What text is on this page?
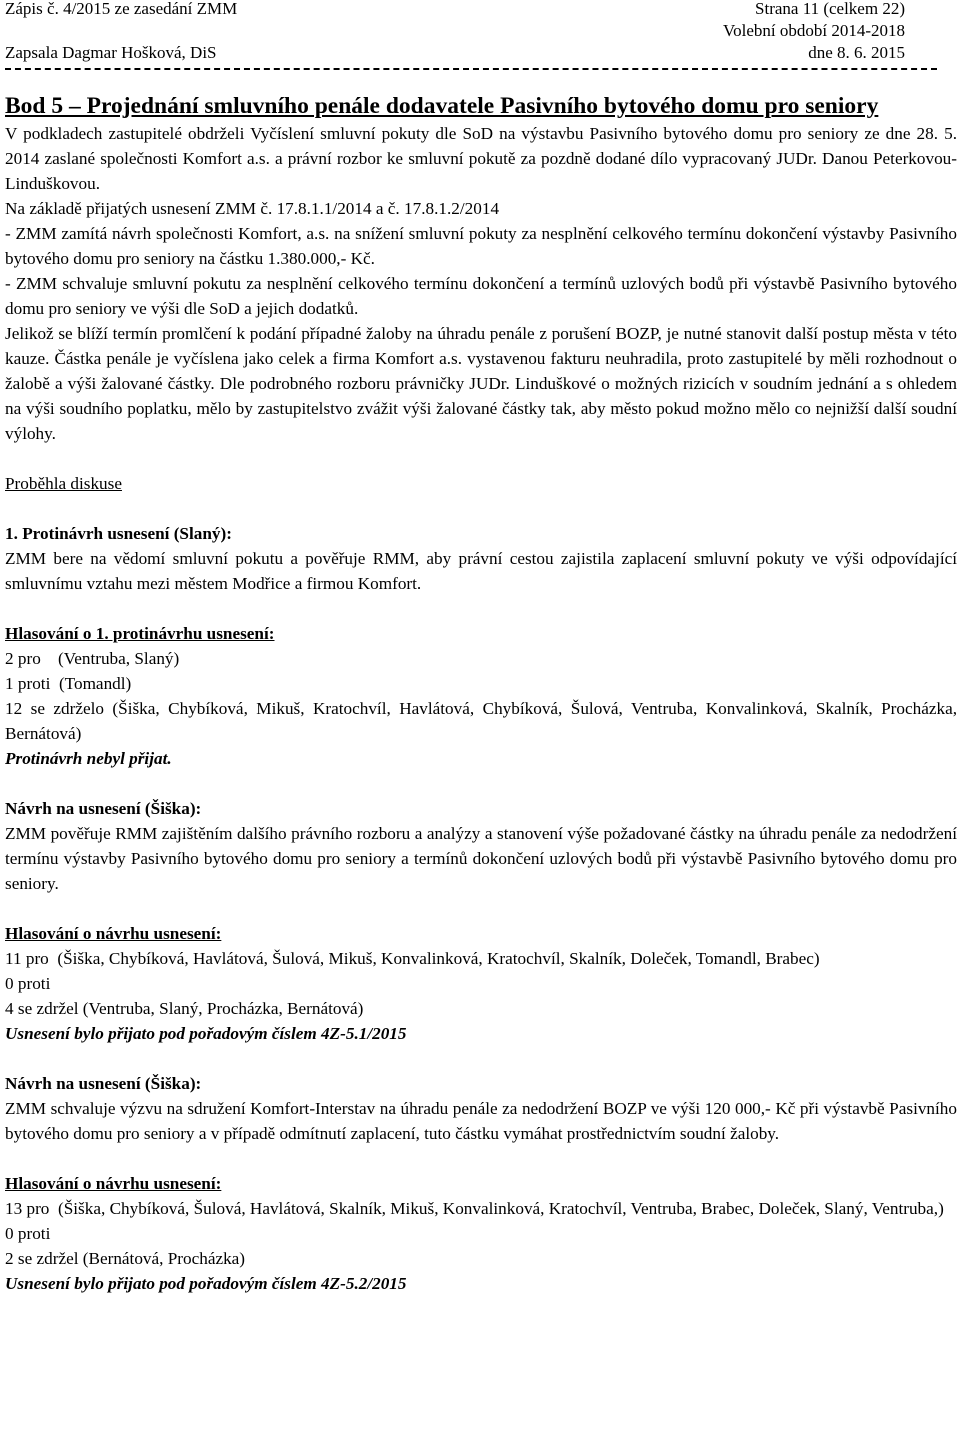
Zápis č. 4/2015 ze zasedání ZMM	Strana 11 (celkem 22)
Volební období 2014-2018
Zapsala Dagmar Hošková, DiS	dne 8. 6. 2015
Bod 5 – Projednání smluvního penále dodavatele Pasivního bytového domu pro seniory

V podkladech zastupitelé obdrželi Vyčíslení smluvní pokuty dle SoD na výstavbu Pasivního bytového domu pro seniory ze dne 28. 5. 2014 zaslané společnosti Komfort a.s. a právní rozbor ke smluvní pokutě za pozdně dodané dílo vypracovaný JUDr. Danou Peterkovou-Linduškovou.

Na základě přijatých usnesení ZMM č. 17.8.1.1/2014 a č. 17.8.1.2/2014

- ZMM zamítá návrh společnosti Komfort, a.s. na snížení smluvní pokuty za nesplnění celkového termínu dokončení výstavby Pasivního bytového domu pro seniory na částku 1.380.000,- Kč.

- ZMM schvaluje smluvní pokutu za nesplnění celkového termínu dokončení a termínů uzlových bodů při výstavbě Pasivního bytového domu pro seniory ve výši dle SoD a jejich dodatků.

Jelikož se blíží termín promlčení k podání případné žaloby na úhradu penále z porušení BOZP, je nutné stanovit další postup města v této kauze. Částka penále je vyčíslena jako celek a firma Komfort a.s. vystavenou fakturu neuhradila, proto zastupitelé by měli rozhodnout o žalobě a výši žalované částky. Dle podrobného rozboru právničky JUDr. Linduškové o možných rizicích v soudním jednání a s ohledem na výši soudního poplatku, mělo by zastupitelstvo zvážit výši žalované částky tak, aby město pokud možno mělo co nejnižší další soudní výlohy.

Proběhla diskuse

1. Protinávrh usnesení (Slaný):

ZMM bere na vědomí smluvní pokutu a pověřuje RMM, aby právní cestou zajistila zaplacení smluvní pokuty ve výši odpovídající smluvnímu vztahu mezi městem Modřice a firmou Komfort.

Hlasování o 1. protinávrhu usnesení:

2 pro (Ventruba, Slaný)
1 proti (Tomandl)

12 se zdrželo (Šiška, Chybíková, Mikuš, Kratochvíl, Havlátová, Chybíková, Šulová, Ventruba, Konvalinková, Skalník, Procházka, Bernátová)

Protinávrh nebyl přijat.

Návrh na usnesení (Šiška):

ZMM pověřuje RMM zajištěním dalšího právního rozboru a analýzy a stanovení výše požadované částky na úhradu penále za nedodržení termínu výstavby Pasivního bytového domu pro seniory a termínů dokončení uzlových bodů při výstavbě Pasivního bytového domu pro seniory.

Hlasování o návrhu usnesení:

11 pro (Šiška, Chybíková, Havlátová, Šulová, Mikuš, Konvalinková, Kratochvíl, Skalník, Doleček, Tomandl, Brabec)

0 proti

4 se zdržel (Ventruba, Slaný, Procházka, Bernátová)

Usnesení bylo přijato pod pořadovým číslem 4Z-5.1/2015

Návrh na usnesení (Šiška):

ZMM schvaluje výzvu na sdružení Komfort-Interstav na úhradu penále za nedodržení BOZP ve výši 120 000,- Kč při výstavbě Pasivního bytového domu pro seniory a v případě odmítnutí zaplacení, tuto částku vymáhat prostřednictvím soudní žaloby.

Hlasování o návrhu usnesení:

13 pro (Šiška, Chybíková, Šulová, Havlátová, Skalník, Mikuš, Konvalinková, Kratochvíl, Ventruba, Brabec, Doleček, Slaný, Ventruba,)

0 proti

2 se zdržel (Bernátová, Procházka)

Usnesení bylo přijato pod pořadovým číslem 4Z-5.2/2015
